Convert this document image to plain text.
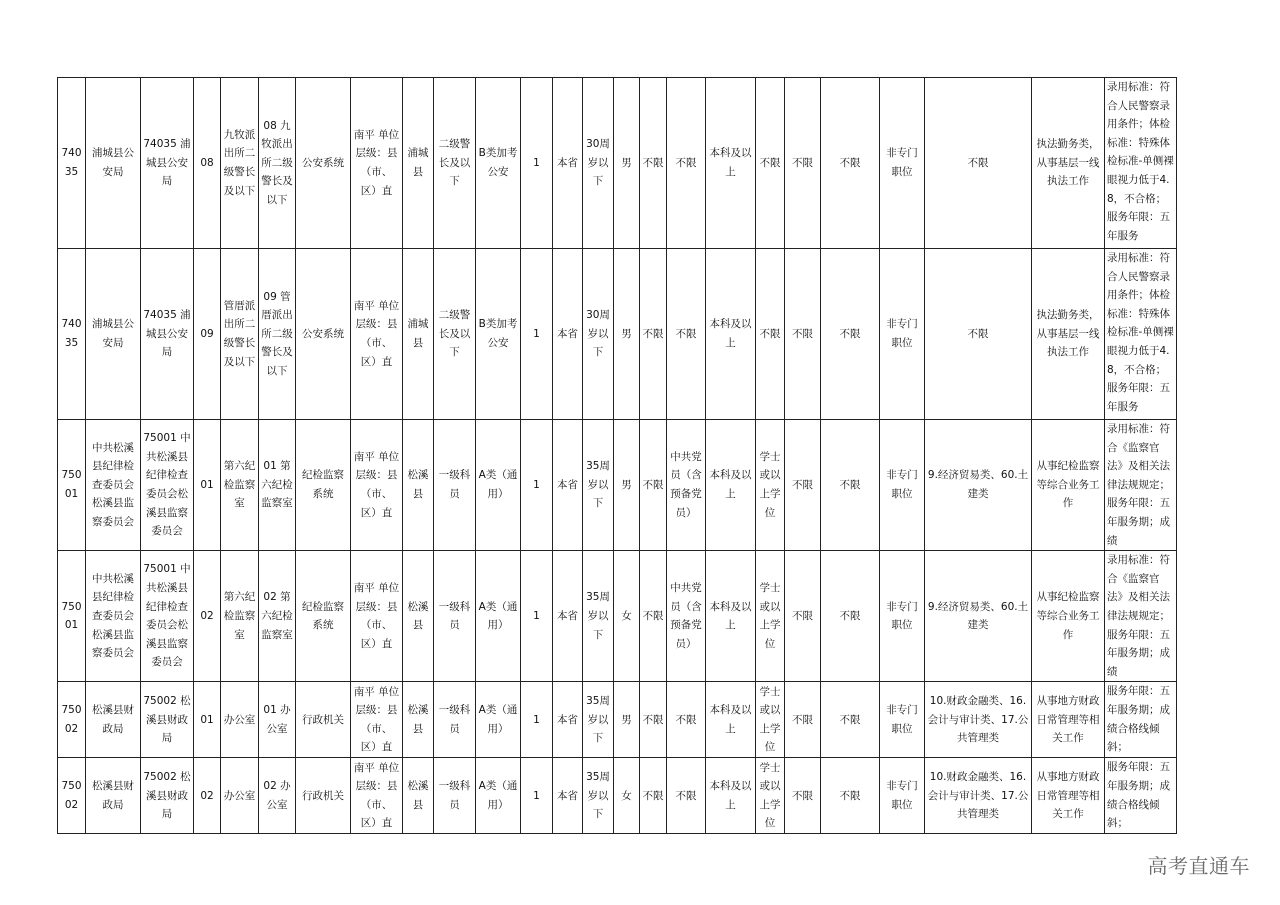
74035	浦城县公安局	74035 浦城县公安局	08	九牧派出所二级警长及以下	08 九牧派出所二级警长及以下	公安系统	南平 单位层级：县（市、区）直	浦城县	二级警长及以下	B类加考公安	1	本省	30周岁以下	男	不限	不限	本科及以上	不限	不限	不限	非专门职位	不限	执法勤务类，从事基层一线执法工作	录用标准：符合人民警察录用条件；体检标准：特殊体检标准-单侧裸眼视力低于4.8，不合格；服务年限：五年服务
74035	浦城县公安局	74035 浦城县公安局	09	管厝派出所二级警长及以下	09 管厝派出所二级警长及以下	公安系统	南平 单位层级：县（市、区）直	浦城县	二级警长及以下	B类加考公安	1	本省	30周岁以下	男	不限	不限	本科及以上	不限	不限	不限	非专门职位	不限	执法勤务类，从事基层一线执法工作	录用标准：符合人民警察录用条件；体检标准：特殊体检标准-单侧裸眼视力低于4.8，不合格；服务年限：五年服务
75001	中共松溪县纪律检查委员会松溪县监察委员会	75001 中共松溪县纪律检查委员会松溪县监察委员会	01	第六纪检监察室	01 第六纪检监察室	纪检监察系统	南平 单位层级：县（市、区）直	松溪县	一级科员	A类（通用）	1	本省	35周岁以下	男	不限	中共党员（含预备党员）	本科及以上	学士或以上学位	不限	不限	非专门职位	9.经济贸易类、60.土建类	从事纪检监察等综合业务工作	录用标准：符合《监察官法》及相关法律法规规定；服务年限：五年服务期；成绩
75001	中共松溪县纪律检查委员会松溪县监察委员会	75001 中共松溪县纪律检查委员会松溪县监察委员会	02	第六纪检监察室	02 第六纪检监察室	纪检监察系统	南平 单位层级：县（市、区）直	松溪县	一级科员	A类（通用）	1	本省	35周岁以下	女	不限	中共党员（含预备党员）	本科及以上	学士或以上学位	不限	不限	非专门职位	9.经济贸易类、60.土建类	从事纪检监察等综合业务工作	录用标准：符合《监察官法》及相关法律法规规定；服务年限：五年服务期；成绩
75002	松溪县财政局	75002 松溪县财政局	01	办公室	01 办公室	行政机关	南平 单位层级：县（市、区）直	松溪县	一级科员	A类（通用）	1	本省	35周岁以下	男	不限	不限	本科及以上	学士或以上学位	不限	不限	非专门职位	10.财政金融类、16.会计与审计类、17.公共管理类	从事地方财政日常管理等相关工作	服务年限：五年服务期；成绩合格线倾斜；
75002	松溪县财政局	75002 松溪县财政局	02	办公室	02 办公室	行政机关	南平 单位层级：县（市、区）直	松溪县	一级科员	A类（通用）	1	本省	35周岁以下	女	不限	不限	本科及以上	学士或以上学位	不限	不限	非专门职位	10.财政金融类、16.会计与审计类、17.公共管理类	从事地方财政日常管理等相关工作	服务年限：五年服务期；成绩合格线倾斜；
高考直通车
